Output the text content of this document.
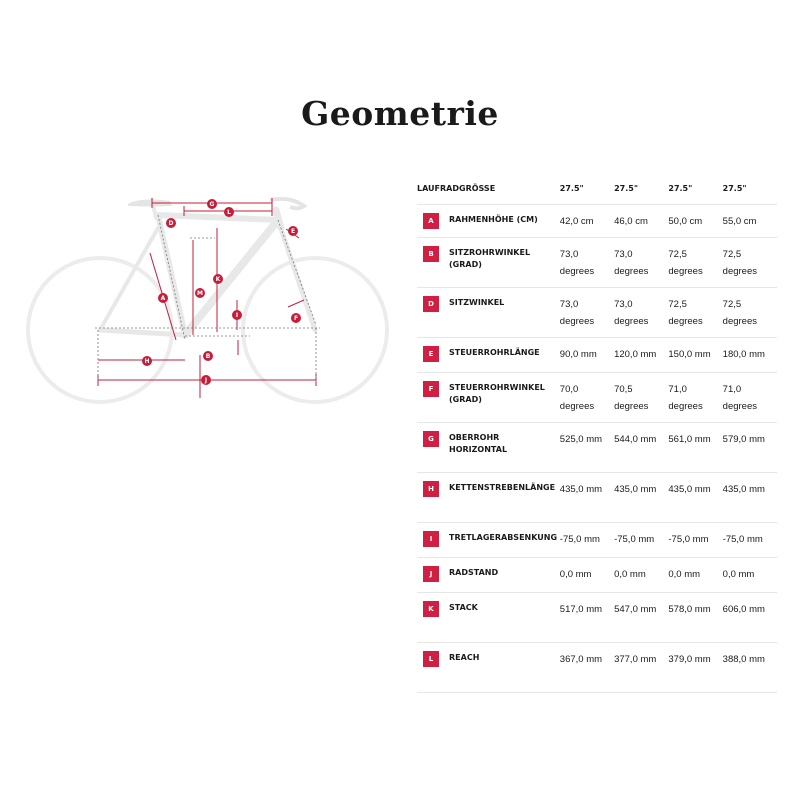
Geometrie
G
L
D
E
K
M
A
I	F
B
H
J
LAUFRADGRÖSSE	27.5"	27.5"	27.5"	27.5"

A RAHMENHÖHE (CM)	42,0 cm	46,0 cm	50,0 cm	55,0 cm

B SITZROHRWINKEL (GRAD)	73,0 degrees	73,0 degrees	72,5 degrees	72,5 degrees

D SITZWINKEL	73,0 degrees	73,0 degrees	72,5 degrees	72,5 degrees

E STEUERROHRLÄNGE	90,0 mm	120,0 mm	150,0 mm	180,0 mm

F STEUERROHRWINKEL (GRAD)	70,0 degrees	70,5 degrees	71,0 degrees	71,0 degrees

G OBERROHR HORIZONTAL	525,0 mm	544,0 mm	561,0 mm	579,0 mm

H KETTENSTREBENLÄNGE	435,0 mm	435,0 mm	435,0 mm	435,0 mm

I TRETLAGERABSENKUNG	-75,0 mm	-75,0 mm	-75,0 mm	-75,0 mm

J RADSTAND	0,0 mm	0,0 mm	0,0 mm	0,0 mm

K STACK	517,0 mm	547,0 mm	578,0 mm	606,0 mm

L REACH	367,0 mm	377,0 mm	379,0 mm	388,0 mm
